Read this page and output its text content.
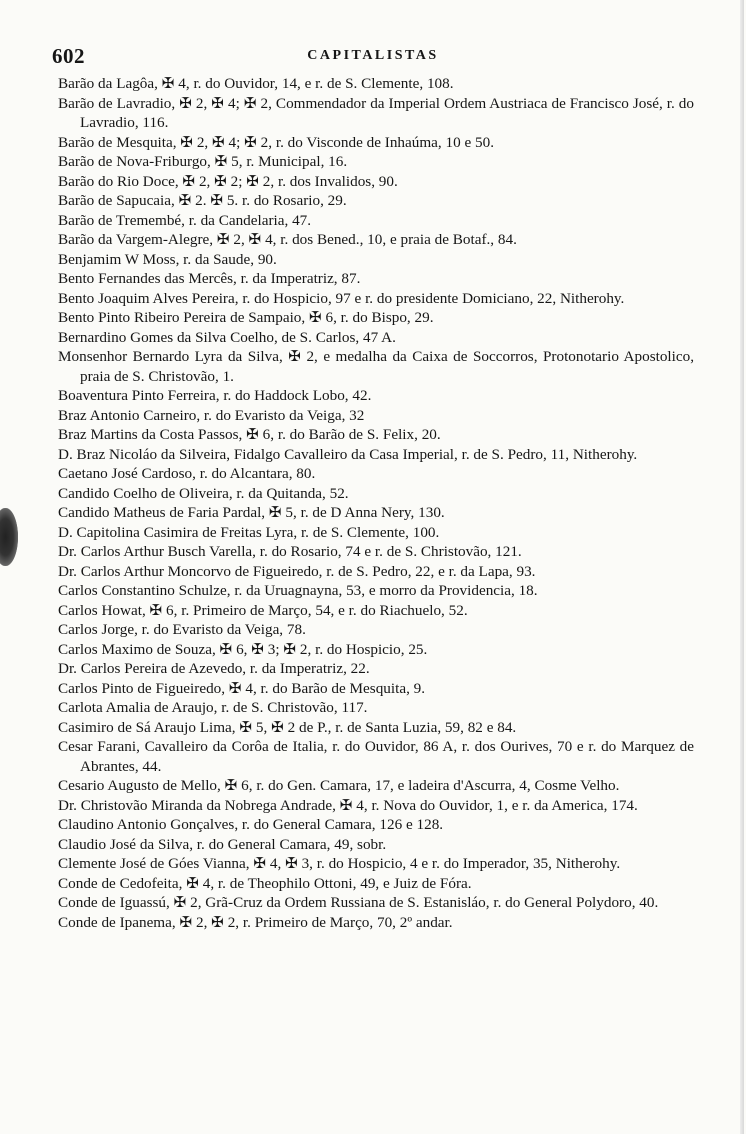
602	CAPITALISTAS

Barão da Lagôa, ✠ 4, r. do Ouvidor, 14, e r. de S. Clemente, 108.

Barão de Lavradio, ✠ 2, ✠ 4; ✠ 2, Commendador da Imperial Ordem Austriaca de Francisco José, r. do Lavradio, 116.

Barão de Mesquita, ✠ 2, ✠ 4; ✠ 2, r. do Visconde de Inhaúma, 10 e 50.

Barão de Nova-Friburgo, ✠ 5, r. Municipal, 16.

Barão do Rio Doce, ✠ 2, ✠ 2; ✠ 2, r. dos Invalidos, 90.

Barão de Sapucaia, ✠ 2. ✠ 5. r. do Rosario, 29.

Barão de Tremembé, r. da Candelaria, 47.

Barão da Vargem-Alegre, ✠ 2, ✠ 4, r. dos Bened., 10, e praia de Botaf., 84.

Benjamim W Moss, r. da Saude, 90.

Bento Fernandes das Mercês, r. da Imperatriz, 87.

Bento Joaquim Alves Pereira, r. do Hospicio, 97 e r. do presidente Domiciano, 22, Nitherohy.

Bento Pinto Ribeiro Pereira de Sampaio, ✠ 6, r. do Bispo, 29.

Bernardino Gomes da Silva Coelho, de S. Carlos, 47 A.

Monsenhor Bernardo Lyra da Silva, ✠ 2, e medalha da Caixa de Soccorros, Protonotario Apostolico, praia de S. Christovão, 1.

Boaventura Pinto Ferreira, r. do Haddock Lobo, 42.

Braz Antonio Carneiro, r. do Evaristo da Veiga, 32

Braz Martins da Costa Passos, ✠ 6, r. do Barão de S. Felix, 20.

D. Braz Nicoláo da Silveira, Fidalgo Cavalleiro da Casa Imperial, r. de S. Pedro, 11, Nitherohy.

Caetano José Cardoso, r. do Alcantara, 80.

Candido Coelho de Oliveira, r. da Quitanda, 52.

Candido Matheus de Faria Pardal, ✠ 5, r. de D Anna Nery, 130.

D. Capitolina Casimira de Freitas Lyra, r. de S. Clemente, 100.

Dr. Carlos Arthur Busch Varella, r. do Rosario, 74 e r. de S. Christovão, 121.

Dr. Carlos Arthur Moncorvo de Figueiredo, r. de S. Pedro, 22, e r. da Lapa, 93.

Carlos Constantino Schulze, r. da Uruagnayna, 53, e morro da Providencia, 18.

Carlos Howat, ✠ 6, r. Primeiro de Março, 54, e r. do Riachuelo, 52.

Carlos Jorge, r. do Evaristo da Veiga, 78.

Carlos Maximo de Souza, ✠ 6, ✠ 3; ✠ 2, r. do Hospicio, 25.

Dr. Carlos Pereira de Azevedo, r. da Imperatriz, 22.

Carlos Pinto de Figueiredo, ✠ 4, r. do Barão de Mesquita, 9.

Carlota Amalia de Araujo, r. de S. Christovão, 117.

Casimiro de Sá Araujo Lima, ✠ 5, ✠ 2 de P., r. de Santa Luzia, 59, 82 e 84.

Cesar Farani, Cavalleiro da Corôa de Italia, r. do Ouvidor, 86 A, r. dos Ourives, 70 e r. do Marquez de Abrantes, 44.

Cesario Augusto de Mello, ✠ 6, r. do Gen. Camara, 17, e ladeira d'Ascurra, 4, Cosme Velho.

Dr. Christovão Miranda da Nobrega Andrade, ✠ 4, r. Nova do Ouvidor, 1, e r. da America, 174.

Claudino Antonio Gonçalves, r. do General Camara, 126 e 128.

Claudio José da Silva, r. do General Camara, 49, sobr.

Clemente José de Góes Vianna, ✠ 4, ✠ 3, r. do Hospicio, 4 e r. do Imperador, 35, Nitherohy.

Conde de Cedofeita, ✠ 4, r. de Theophilo Ottoni, 49, e Juiz de Fóra.

Conde de Iguassú, ✠ 2, Grã-Cruz da Ordem Russiana de S. Estanisláo, r. do General Polydoro, 40.

Conde de Ipanema, ✠ 2, ✠ 2, r. Primeiro de Março, 70, 2º andar.
